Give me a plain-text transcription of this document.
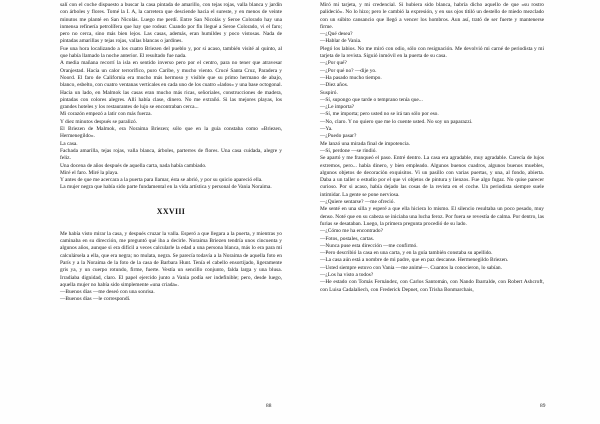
salí con el coche dispuesto a buscar la casa pintada de amarillo, con tejas rojas, valla blanca y jardín con árboles y flores. Tomé la I. A, la carretera que desciende hacia el sureste, y en menos de veinte minutos me planté en San Nicolás. Luego me perdí. Entre San Nicolás y Seroe Colorado hay una inmensa refinería petrolífera que hay que rodear. Cuando por fin llegué a Seroe Colorado, vi el faro; pero no cerca, sino más bien lejos. Las casas, además, eran humildes y poco vistosas. Nada de pintadas amarillas y tejas rojas, vallas blancas o jardines.

Fue una hora localizando a los cuatro Briezen del pueblo y, por si acaso, también visité al quinto, al que había llamado la noche anterior. El resultado fue nada.

A media mañana recorrí la isla en sentido inverso pero por el centro, para no tener que atravesar Oranjestad. Hacía un calor terrorífico, puro Caribe, y mucho viento. Crucé Santa Cruz, Paradera y Noord. El faro de California era mucho más hermoso y visible que su primo hermano de abajo, blanco, esbelto, con cuatro ventanas verticales en cada uno de los cuatro «lados» y una base octogonal. Hacia un lado, en Malmok las casas eran mucho más ricas, señoriales, construcciones de madera, pintadas con colores alegres. Allí había clase, dinero. No me extrañó. Si las mejores playas, los grandes hoteles y los restaurantes de lujo se encontraban cerca...

Mi corazón empezó a latir con más fuerza.

Y diez minutos después se paralizó.

El Briezen de Malmok, era Noraima Briezen; sólo que en la guía constaba como «Briezen, Hermenegildo».

La casa.

Fachada amarilla, tejas rojas, valla blanca, árboles, parterres de flores. Una casa cuidada, alegre y feliz.

Una docena de años después de aquella carta, nada había cambiado.

Miré el faro. Miré la playa.

Y antes de que me acercara a la puerta para llamar, ésta se abrió, y por su quicio apareció ella.

La mujer negra que había sido parte fundamental en la vida artística y personal de Vania Noraima.

XXVIII

Me había visto mirar la casa, y después cruzar la valla. Esperó a que llegara a la puerta, y mientras yo caminaba en su dirección, me preguntó qué iba a decirle. Noraima Briezen tendría unos cincuenta y algunos años, aunque si era difícil a veces calcularle la edad a una persona blanca, más lo era para mí calculársela a ella, que era negra; no mulata, negra. Se parecía todavía a la Noraima de aquella foto en París y a la Noraima de la foto de la casa de Barbara Hunt. Tenía el cabello ensortijado, ligeramente gris ya, y un cuerpo rotundo, firme, fuerte. Vestía un sencillo conjunto, falda larga y una blusa. Irradiaba dignidad, claro. El papel ejercido junto a Vania podía ser indefinible; pero, desde luego, aquella mujer no había sido simplemente «una criada».

—Buenos días —me deseó con una sonrisa.

—Buenos días —le correspondí.

88

Miró mi tarjeta, y mi credencial. Si hubiera sido blanca, habría dicho aquello de que «su rostro palideció». No lo hizo; pero le cambió la expresión, y en sus ojos titiló un destello de miedo mezclado con un súbito cansancio que llegó a vencer los hombros. Aun así, trató de ser fuerte y mantenerse firme.

—¿Qué desea?

—Hablar de Vania.

Plegó los labios. No me miró con odio, sólo con resignación. Me devolvió mi carné de periodista y mi tarjeta de la revista. Siguió inmóvil en la puerta de su casa.

—¿Por qué?

—¿Por qué no? —dije yo.

—Ha pasado mucho tiempo.

—Diez años.

Suspiró.

—Sí, supongo que tarde o temprano tenía que...

—¿Le importa?

—Sí, me importa; pero usted no se irá tan sólo por eso.

—No, claro. Y no quiero que me lo cuente usted. No soy un paparazzi.

—Ya.

—¿Puedo pasar?

Me lanzó una mirada final de impotencia.

—Sí, perdone —se rindió.

Se apartó y me franqueó el paso. Entré dentro. La casa era agradable, muy agradable. Carecía de lujos extremos, pero... había dinero, y bien empleado. Algunos buenos cuadros, algunos buenos muebles, algunos objetos de decoración exquisitos. Vi un pasillo con varias puertas, y una, al fondo, abierta. Daba a un taller o estudio por el que vi objetos de pintura y lienzos. Fue algo fugaz. No quise parecer curioso. Por si acaso, había dejado las cosas de la revista en el coche. Un periodista siempre suele intimidar. La gente se pone nerviosa.

—¿Quiere sentarse? —me ofreció.

Me senté en una silla y esperé a que ella hiciera lo mismo. El silencio resultaba un poco pesado, muy denso. Noté que en su cabeza se iniciaba una lucha feroz. Por fuera se revestía de calma. Por dentro, las furias se desataban. Luego, la primera pregunta procedió de su lado.

—¿Cómo me ha encontrado?

—Fotos, postales, cartas.

—Nunca puse esta dirección —me confirmó.

—Pero describió la casa en una carta, y en la guía también constaba su apellido.

—La casa aún está a nombre de mi padre, que en paz descanse. Hermenegildo Briezen.

—Usted siempre estuvo con Vania —me animé—. Cuantos la conocieron, lo sabían.

—¿Los ha visto a todos?

—He estado con Tomás Fernández, con Carlos Santomán, con Nando Ibarralde, con Robert Ashcroft, con Luisa Cadalaliech, con Frederick Depnet, con Trisha Bonmarchais,

89
